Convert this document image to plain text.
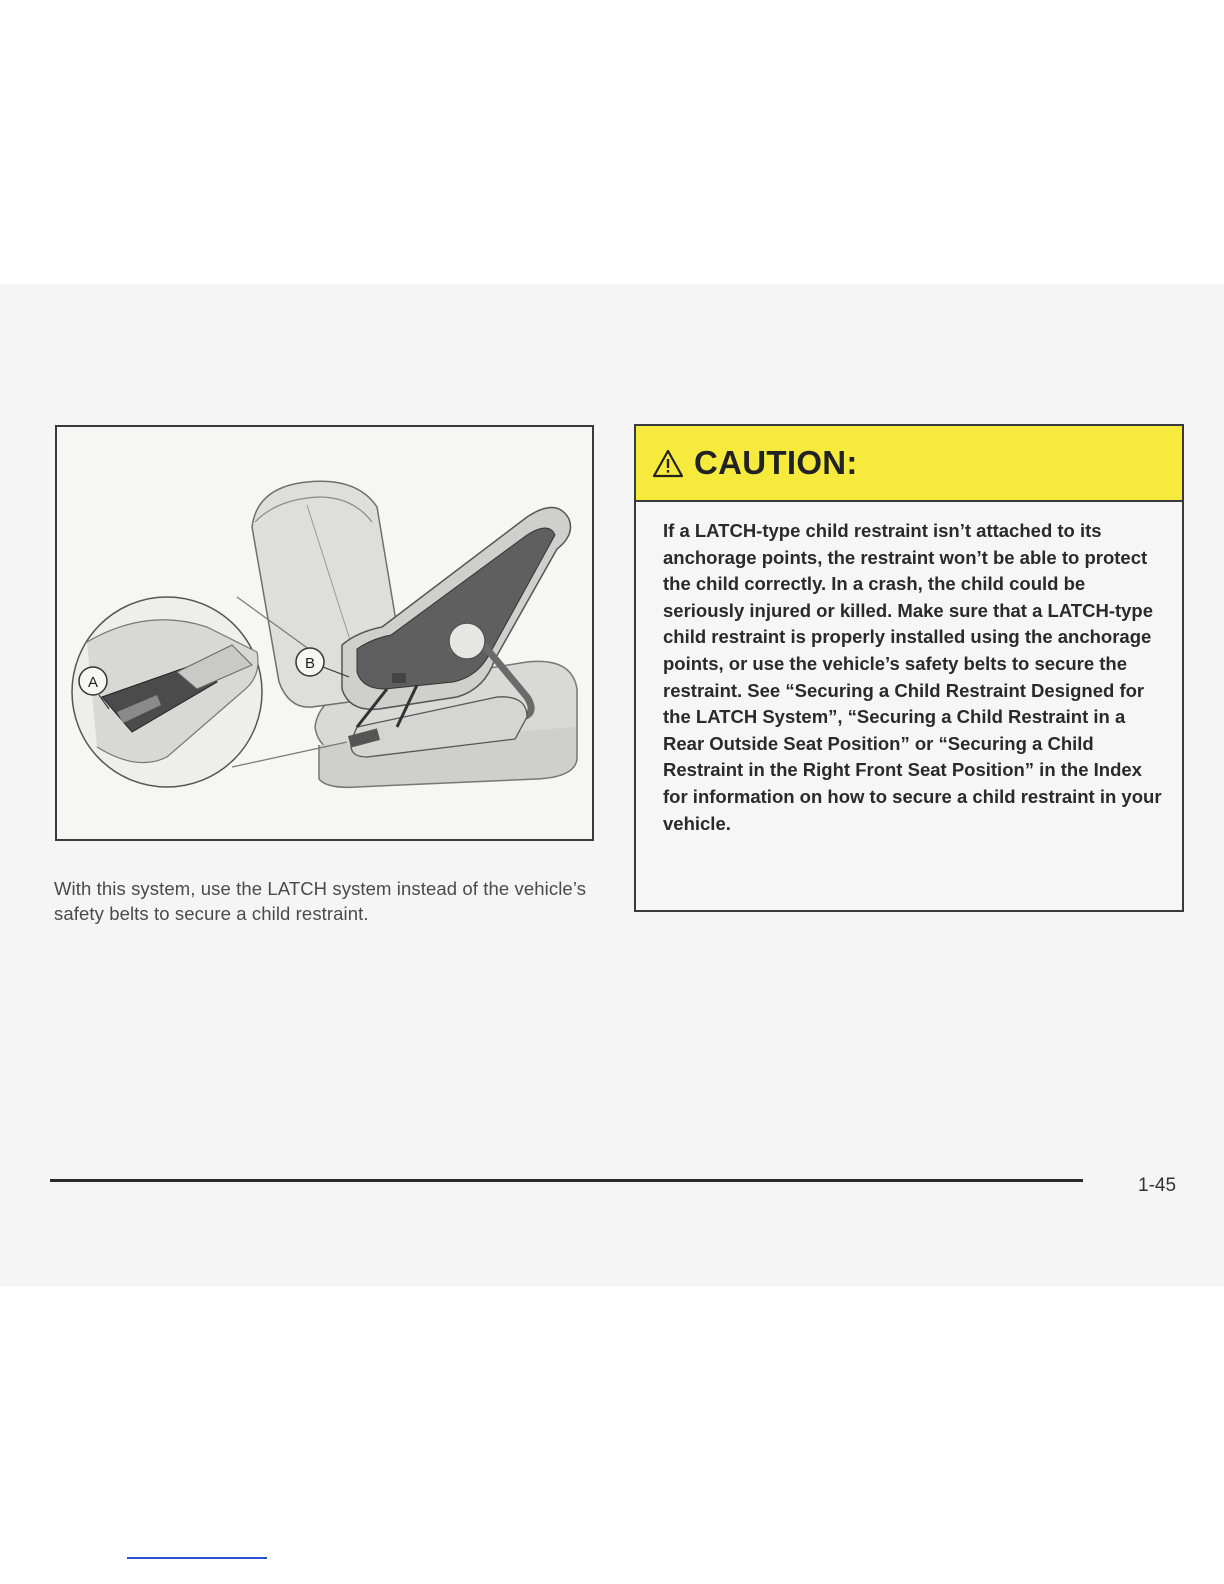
A
B
With this system, use the LATCH system instead of the vehicle’s safety belts to secure a child restraint.
CAUTION:
If a LATCH-type child restraint isn’t attached to its anchorage points, the restraint won’t be able to protect the child correctly. In a crash, the child could be seriously injured or killed. Make sure that a LATCH-type child restraint is properly installed using the anchorage points, or use the vehicle’s safety belts to secure the restraint. See “Securing a Child Restraint Designed for the LATCH System”, “Securing a Child Restraint in a Rear Outside Seat Position” or “Securing a Child Restraint in the Right Front Seat Position” in the Index for information on how to secure a child restraint in your vehicle.
1-45
